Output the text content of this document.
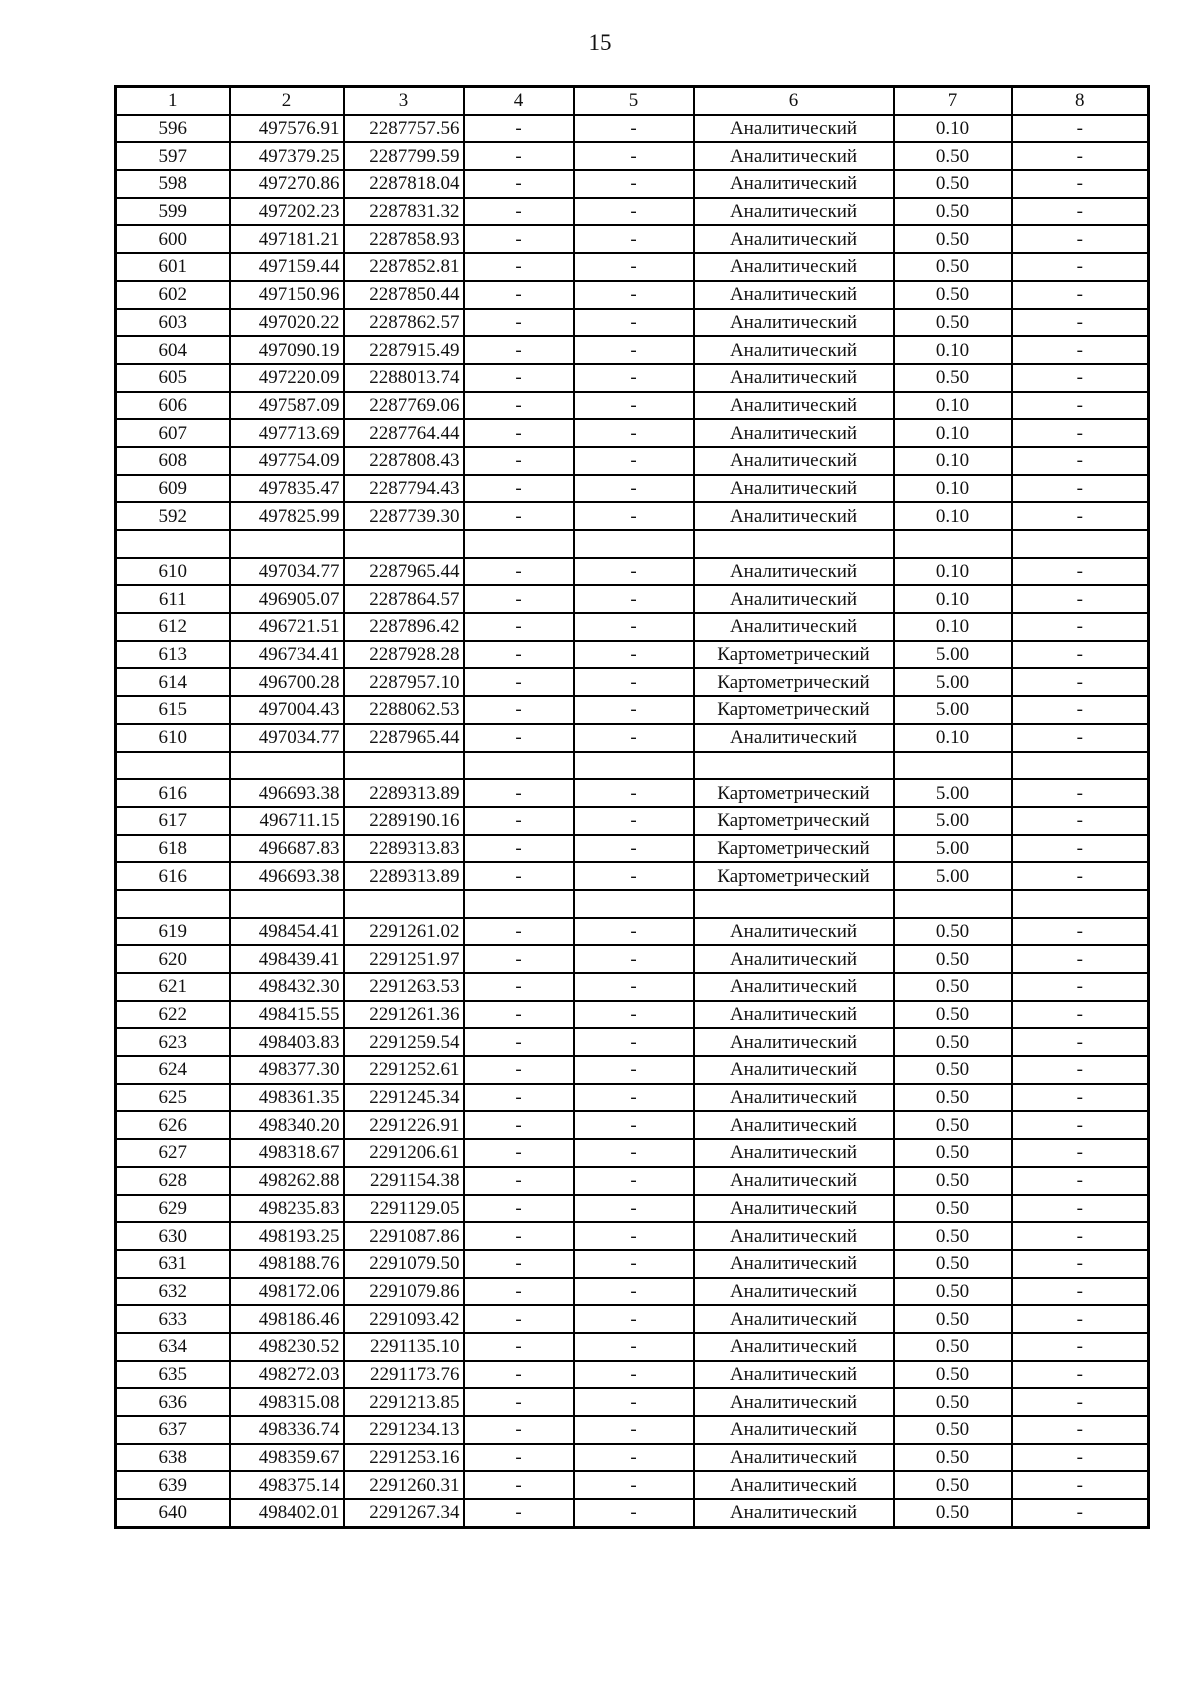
15
1	2	3	4	5	6	7	8
596	497576.91	2287757.56	-	-	Аналитический	0.10	-
597	497379.25	2287799.59	-	-	Аналитический	0.50	-
598	497270.86	2287818.04	-	-	Аналитический	0.50	-
599	497202.23	2287831.32	-	-	Аналитический	0.50	-
600	497181.21	2287858.93	-	-	Аналитический	0.50	-
601	497159.44	2287852.81	-	-	Аналитический	0.50	-
602	497150.96	2287850.44	-	-	Аналитический	0.50	-
603	497020.22	2287862.57	-	-	Аналитический	0.50	-
604	497090.19	2287915.49	-	-	Аналитический	0.10	-
605	497220.09	2288013.74	-	-	Аналитический	0.50	-
606	497587.09	2287769.06	-	-	Аналитический	0.10	-
607	497713.69	2287764.44	-	-	Аналитический	0.10	-
608	497754.09	2287808.43	-	-	Аналитический	0.10	-
609	497835.47	2287794.43	-	-	Аналитический	0.10	-
592	497825.99	2287739.30	-	-	Аналитический	0.10	-

610	497034.77	2287965.44	-	-	Аналитический	0.10	-
611	496905.07	2287864.57	-	-	Аналитический	0.10	-
612	496721.51	2287896.42	-	-	Аналитический	0.10	-
613	496734.41	2287928.28	-	-	Картометрический	5.00	-
614	496700.28	2287957.10	-	-	Картометрический	5.00	-
615	497004.43	2288062.53	-	-	Картометрический	5.00	-
610	497034.77	2287965.44	-	-	Аналитический	0.10	-

616	496693.38	2289313.89	-	-	Картометрический	5.00	-
617	496711.15	2289190.16	-	-	Картометрический	5.00	-
618	496687.83	2289313.83	-	-	Картометрический	5.00	-
616	496693.38	2289313.89	-	-	Картометрический	5.00	-

619	498454.41	2291261.02	-	-	Аналитический	0.50	-
620	498439.41	2291251.97	-	-	Аналитический	0.50	-
621	498432.30	2291263.53	-	-	Аналитический	0.50	-
622	498415.55	2291261.36	-	-	Аналитический	0.50	-
623	498403.83	2291259.54	-	-	Аналитический	0.50	-
624	498377.30	2291252.61	-	-	Аналитический	0.50	-
625	498361.35	2291245.34	-	-	Аналитический	0.50	-
626	498340.20	2291226.91	-	-	Аналитический	0.50	-
627	498318.67	2291206.61	-	-	Аналитический	0.50	-
628	498262.88	2291154.38	-	-	Аналитический	0.50	-
629	498235.83	2291129.05	-	-	Аналитический	0.50	-
630	498193.25	2291087.86	-	-	Аналитический	0.50	-
631	498188.76	2291079.50	-	-	Аналитический	0.50	-
632	498172.06	2291079.86	-	-	Аналитический	0.50	-
633	498186.46	2291093.42	-	-	Аналитический	0.50	-
634	498230.52	2291135.10	-	-	Аналитический	0.50	-
635	498272.03	2291173.76	-	-	Аналитический	0.50	-
636	498315.08	2291213.85	-	-	Аналитический	0.50	-
637	498336.74	2291234.13	-	-	Аналитический	0.50	-
638	498359.67	2291253.16	-	-	Аналитический	0.50	-
639	498375.14	2291260.31	-	-	Аналитический	0.50	-
640	498402.01	2291267.34	-	-	Аналитический	0.50	-
